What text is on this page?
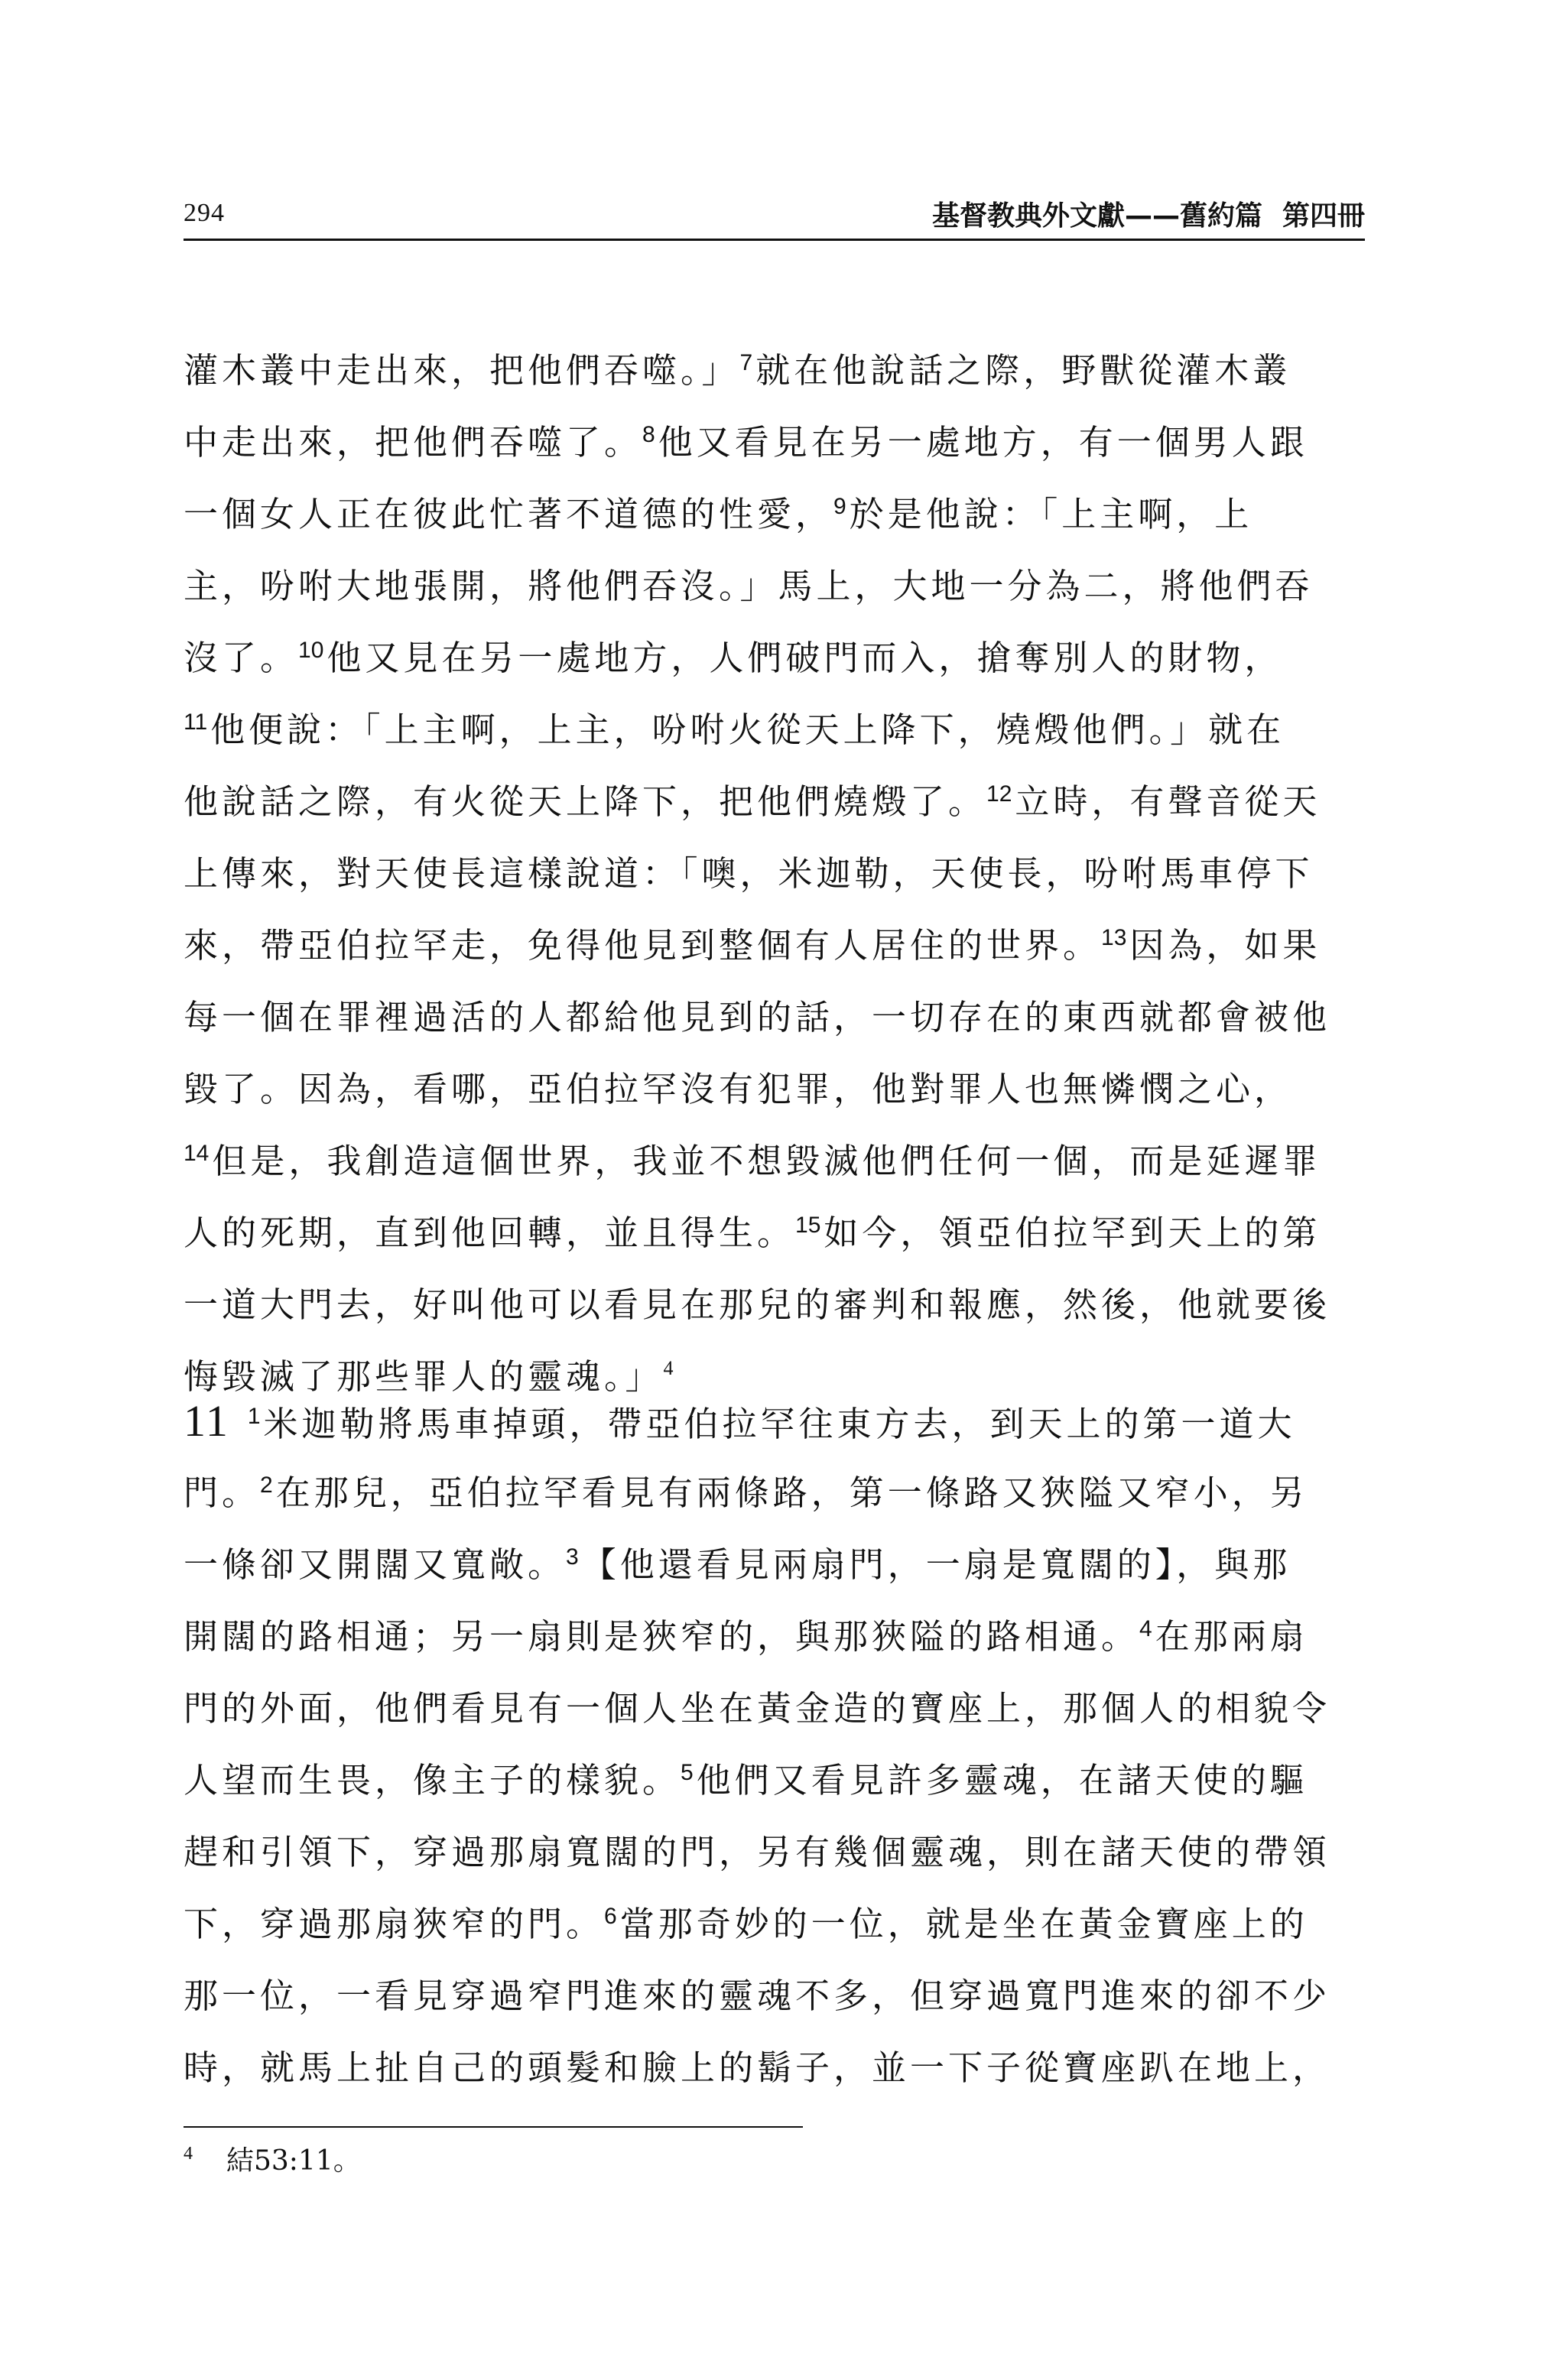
294	基督教典外文獻——舊約篇 第四冊
灌木叢中走出來，把他們吞噬。」$^7$就在他說話之際，野獸從灌木叢
中走出來，把他們吞噬了。$^8$他又看見在另一處地方，有一個男人跟
一個女人正在彼此忙著不道德的性愛，$^9$於是他說：「上主啊，上
主，吩咐大地張開，將他們吞沒。」馬上，大地一分為二，將他們吞
沒了。$^{10}$他又見在另一處地方，人們破門而入，搶奪別人的財物，
$^{11}$他便說：「上主啊，上主，吩咐火從天上降下，燒燬他們。」就在
他說話之際，有火從天上降下，把他們燒燬了。$^{12}$立時，有聲音從天
上傳來，對天使長這樣說道：「噢，米迦勒，天使長，吩咐馬車停下
來，帶亞伯拉罕走，免得他見到整個有人居住的世界。$^{13}$因為，如果
每一個在罪裡過活的人都給他見到的話，一切存在的東西就都會被他
毀了。因為，看哪，亞伯拉罕沒有犯罪，他對罪人也無憐憫之心，
$^{14}$但是，我創造這個世界，我並不想毀滅他們任何一個，而是延遲罪
人的死期，直到他回轉，並且得生。$^{15}$如今，領亞伯拉罕到天上的第
一道大門去，好叫他可以看見在那兒的審判和報應，然後，他就要後
悔毀滅了那些罪人的靈魂。」$^4$
11 $^1$米迦勒將馬車掉頭，帶亞伯拉罕往東方去，到天上的第一道大
門。$^2$在那兒，亞伯拉罕看見有兩條路，第一條路又狹隘又窄小，另
一條卻又開闊又寬敞。$^3$【他還看見兩扇門，一扇是寬闊的】，與那
開闊的路相通；另一扇則是狹窄的，與那狹隘的路相通。$^4$在那兩扇
門的外面，他們看見有一個人坐在黃金造的寶座上，那個人的相貌令
人望而生畏，像主子的樣貌。$^5$他們又看見許多靈魂，在諸天使的驅
趕和引領下，穿過那扇寬闊的門，另有幾個靈魂，則在諸天使的帶領
下，穿過那扇狹窄的門。$^6$當那奇妙的一位，就是坐在黃金寶座上的
那一位，一看見穿過窄門進來的靈魂不多，但穿過寬門進來的卻不少
時，就馬上扯自己的頭髮和臉上的鬍子，並一下子從寶座趴在地上，
$^4$ 結53:11。
